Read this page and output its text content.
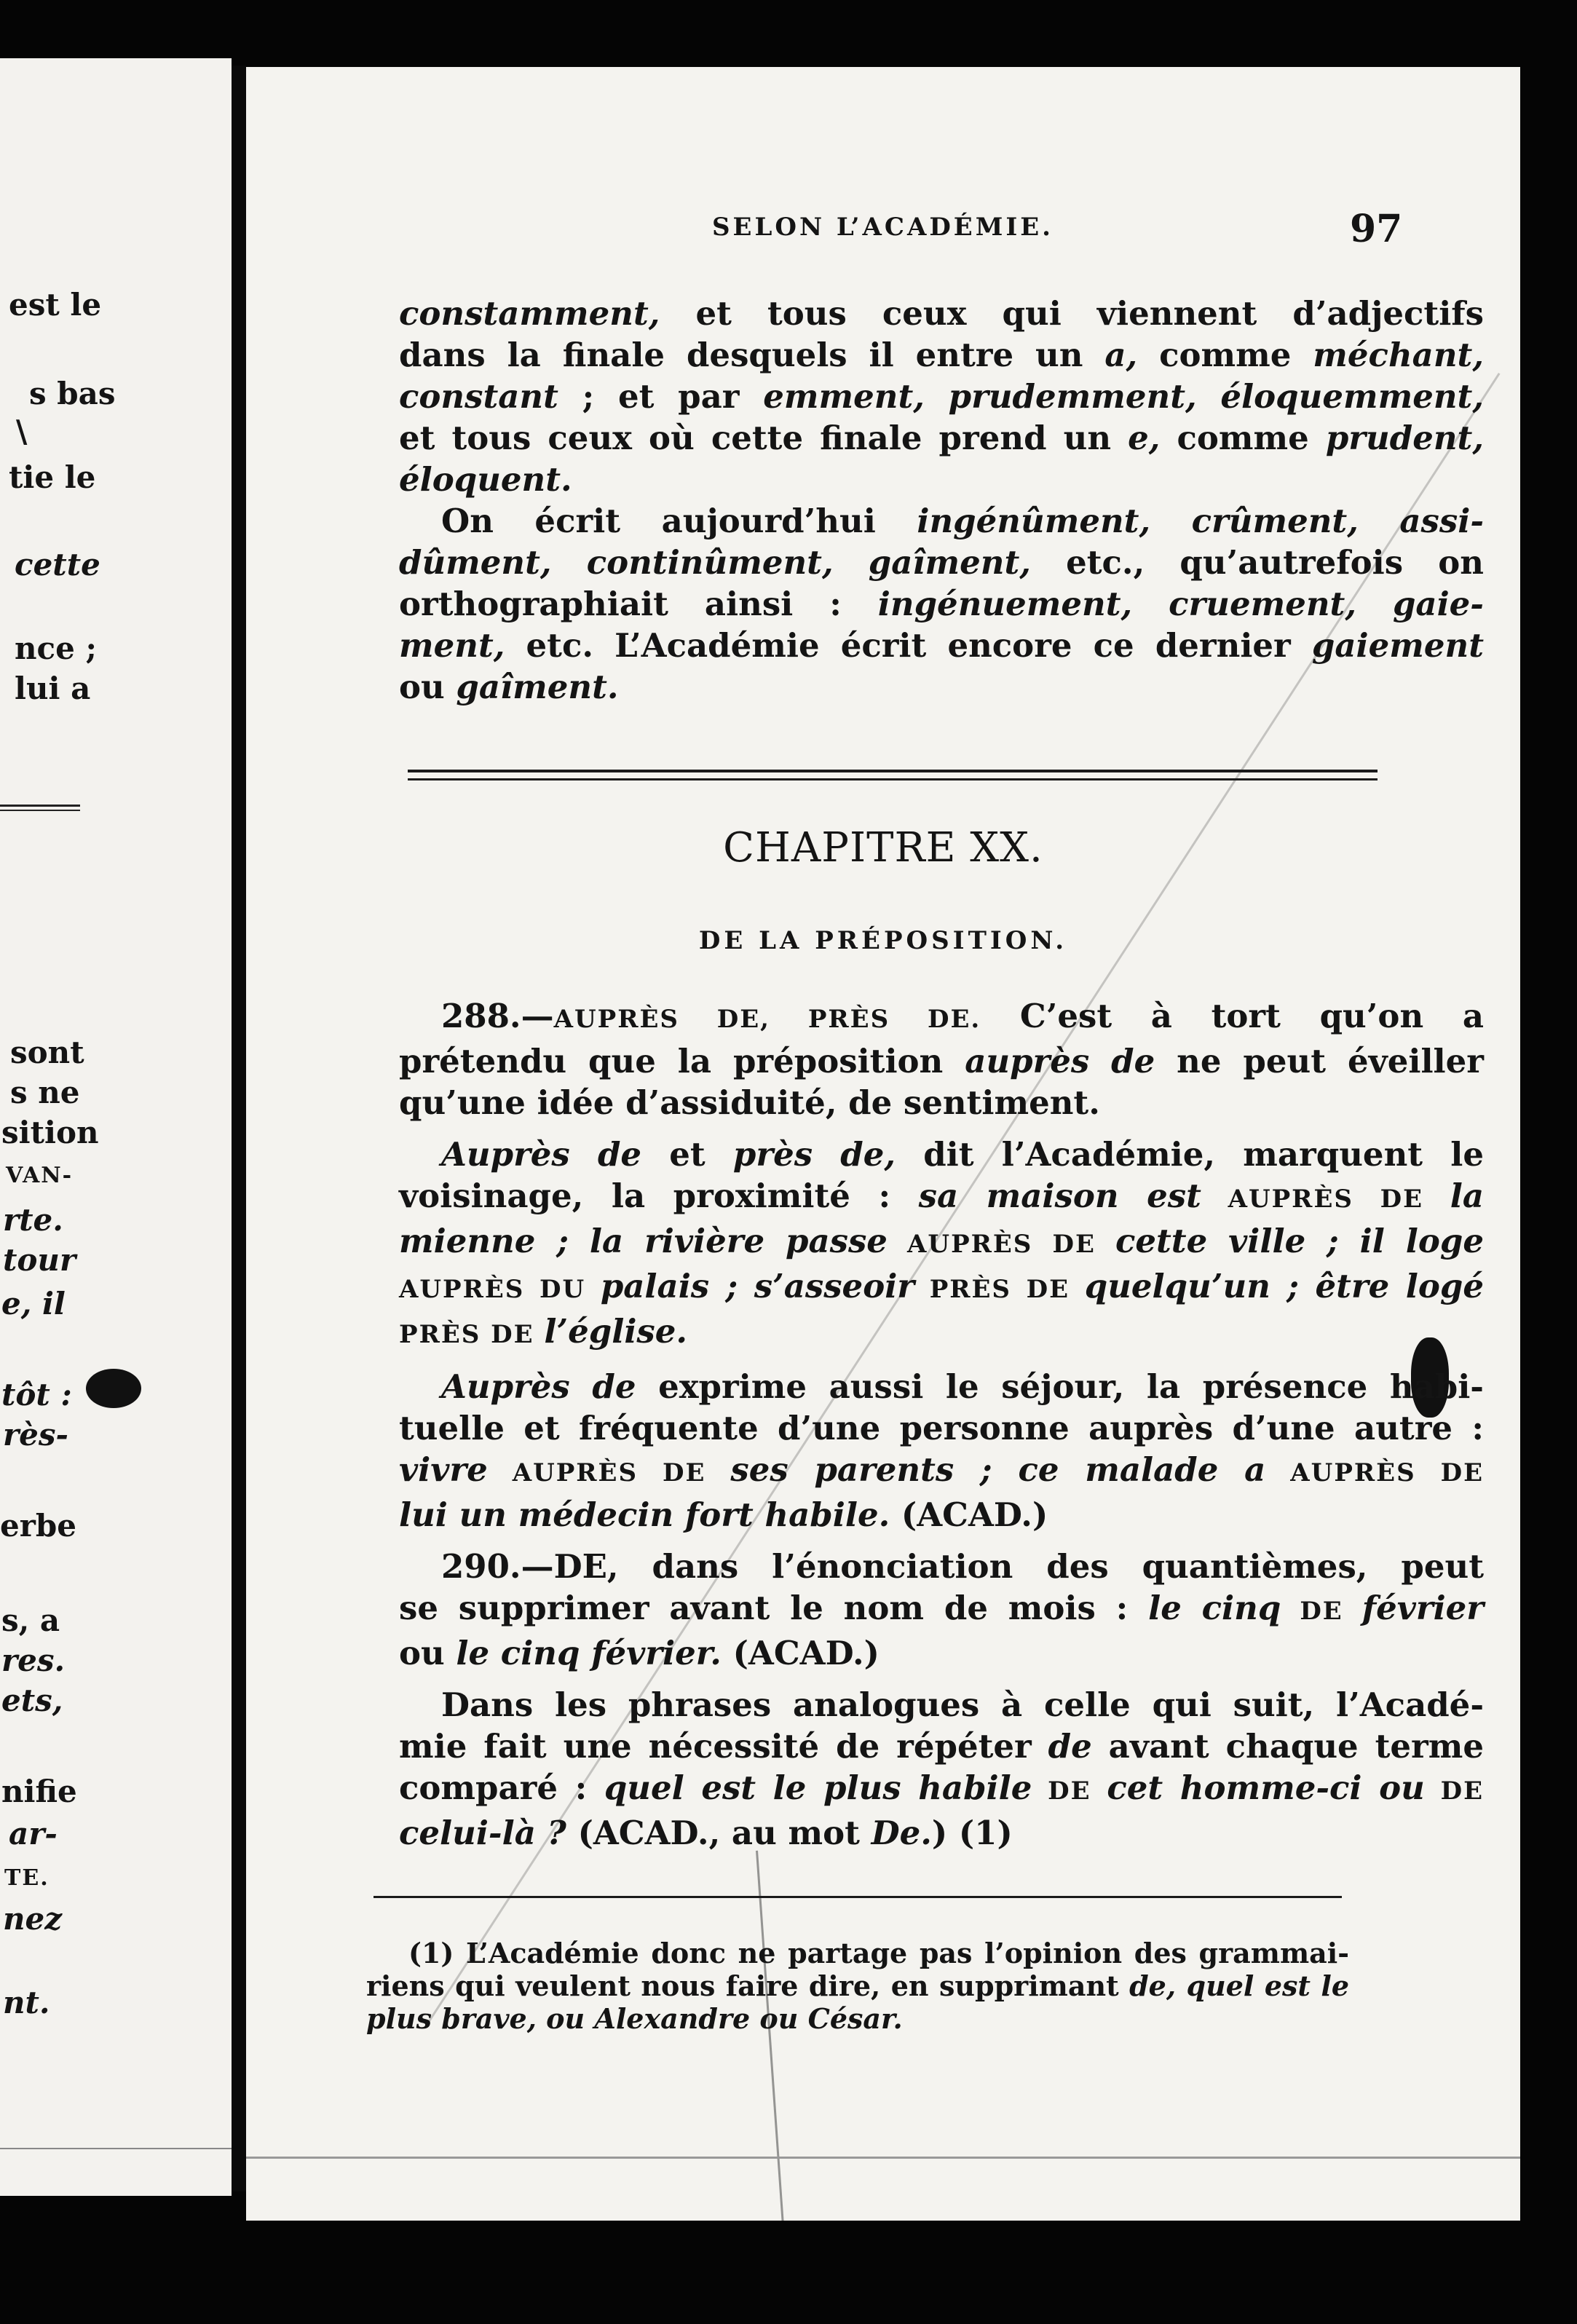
est le
s bas
\
tie le
cette
nce ;
lui a
sont
s ne
sition
VAN-
rte.
tour
e, il
tôt :
rès-
erbe
s, a
res.
ets,
nifie
ar-
TE.
nez
nt.
SELON L’ACADÉMIE.	97

constamment, et tous ceux qui viennent d’adjectifs

dans la finale desquels il entre un a, comme méchant,

constant ; et par emment, prudemment, éloquemment,

et tous ceux où cette finale prend un e, comme prudent,

éloquent.

On écrit aujourd’hui ingénûment, crûment, assi-

dûment, continûment, gaîment, etc., qu’autrefois on

orthographiait ainsi : ingénuement, cruement, gaie-

ment, etc. L’Académie écrit encore ce dernier gaiement

ou gaîment.

CHAPITRE XX.
DE LA PRÉPOSITION.

288.—AUPRÈS DE, PRÈS DE. C’est à tort qu’on a

prétendu que la préposition auprès de ne peut éveiller

qu’une idée d’assiduité, de sentiment.

Auprès de et près de, dit l’Académie, marquent le

voisinage, la proximité : sa maison est AUPRÈS DE la

mienne ; la rivière passe AUPRÈS DE cette ville ; il loge

AUPRÈS DU palais ; s’asseoir PRÈS DE quelqu’un ; être logé

PRÈS DE l’église.

Auprès de exprime aussi le séjour, la présence habi-

tuelle et fréquente d’une personne auprès d’une autre :

vivre AUPRÈS DE ses parents ; ce malade a AUPRÈS DE

lui un médecin fort habile. (ACAD.)

290.—DE, dans l’énonciation des quantièmes, peut

se supprimer avant le nom de mois : le cinq DE février

ou le cinq février. (ACAD.)

Dans les phrases analogues à celle qui suit, l’Acadé-

mie fait une nécessité de répéter de avant chaque terme

comparé : quel est le plus habile DE cet homme-ci ou DE

celui-là ? (ACAD., au mot De.) (1)

(1) L’Académie donc ne partage pas l’opinion des grammai-

riens qui veulent nous faire dire, en supprimant de, quel est le

plus brave, ou Alexandre ou César.
